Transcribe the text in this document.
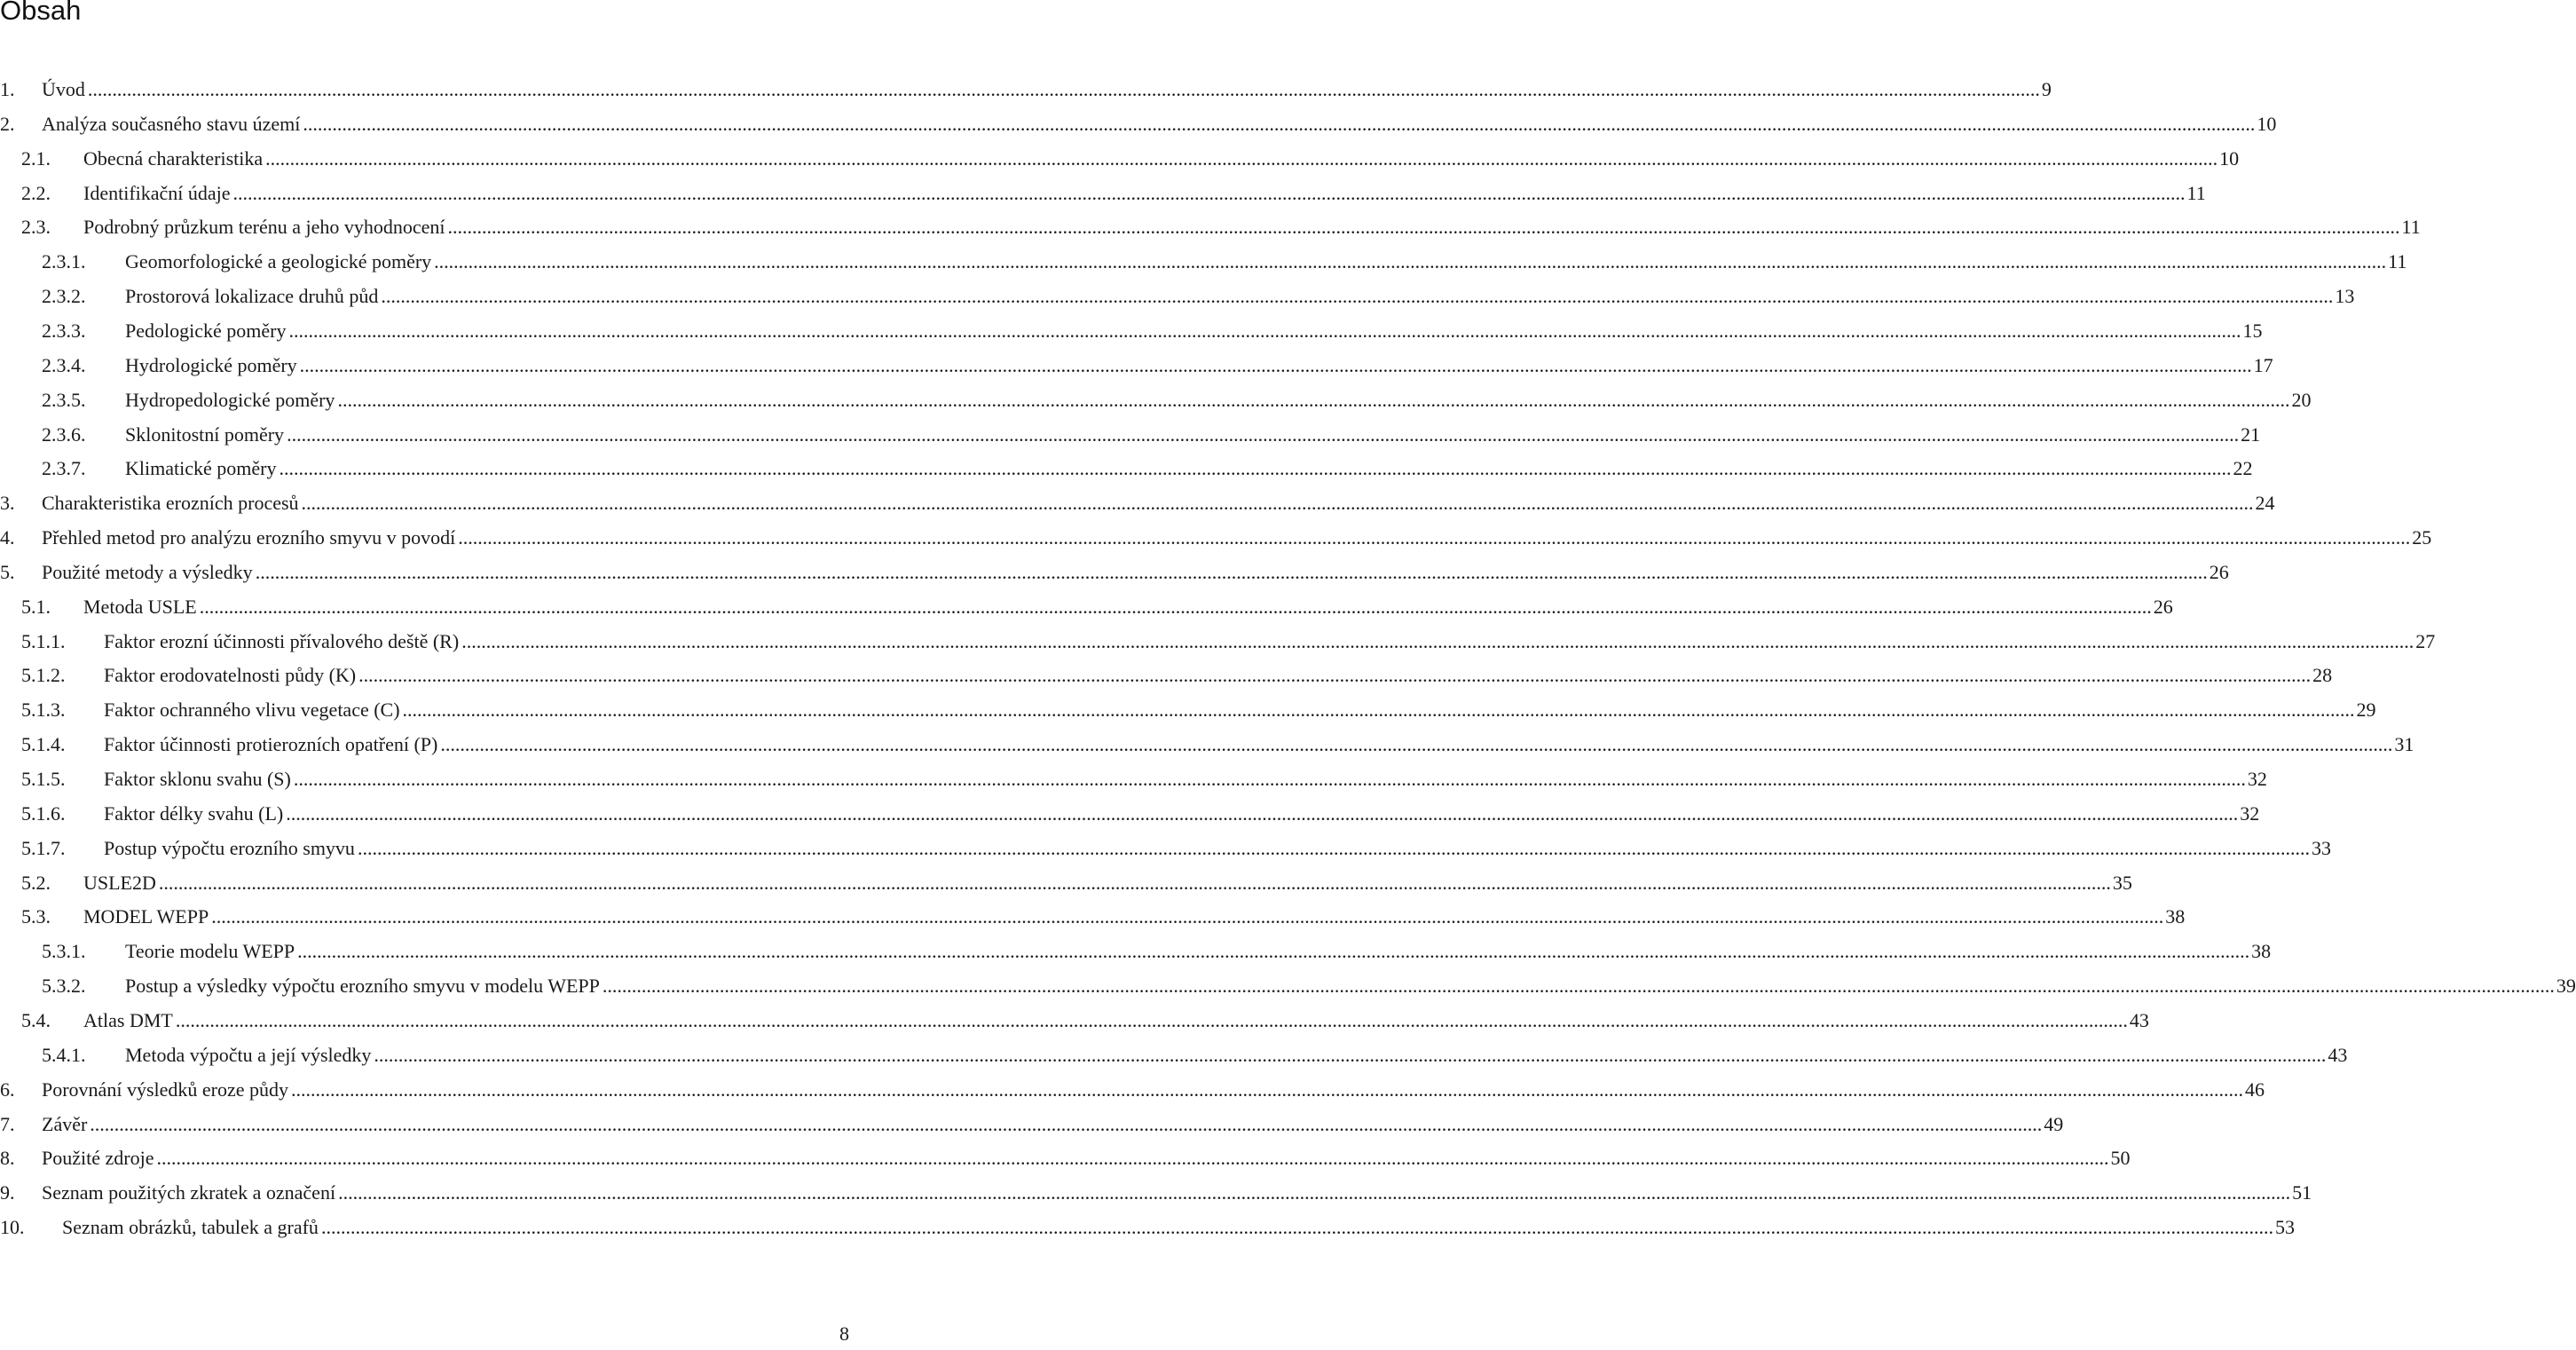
Obsah
1.	Úvod ................................................................................................................................................................................................................................................................................................................................................................................................................ 9
2.	Analýza současného stavu území ................................................................................................................................................................................................................................................................................................................................................................................................................ 10
2.1.	Obecná charakteristika ................................................................................................................................................................................................................................................................................................................................................................................................................ 10
2.2.	Identifikační údaje ................................................................................................................................................................................................................................................................................................................................................................................................................ 11
2.3.	Podrobný průzkum terénu a jeho vyhodnocení ................................................................................................................................................................................................................................................................................................................................................................................................................ 11
2.3.1.	Geomorfologické a geologické poměry ................................................................................................................................................................................................................................................................................................................................................................................................................ 11
2.3.2.	Prostorová lokalizace druhů půd ................................................................................................................................................................................................................................................................................................................................................................................................................ 13
2.3.3.	Pedologické poměry ................................................................................................................................................................................................................................................................................................................................................................................................................ 15
2.3.4.	Hydrologické poměry ................................................................................................................................................................................................................................................................................................................................................................................................................ 17
2.3.5.	Hydropedologické poměry ................................................................................................................................................................................................................................................................................................................................................................................................................ 20
2.3.6.	Sklonitostní poměry ................................................................................................................................................................................................................................................................................................................................................................................................................ 21
2.3.7.	Klimatické poměry ................................................................................................................................................................................................................................................................................................................................................................................................................ 22
3.	Charakteristika erozních procesů ................................................................................................................................................................................................................................................................................................................................................................................................................ 24
4.	Přehled metod pro analýzu erozního smyvu v povodí ................................................................................................................................................................................................................................................................................................................................................................................................................ 25
5.	Použité metody a výsledky ................................................................................................................................................................................................................................................................................................................................................................................................................ 26
5.1.	Metoda USLE ................................................................................................................................................................................................................................................................................................................................................................................................................ 26
5.1.1.	Faktor erozní účinnosti přívalového deště (R) ................................................................................................................................................................................................................................................................................................................................................................................................................ 27
5.1.2.	Faktor erodovatelnosti půdy (K) ................................................................................................................................................................................................................................................................................................................................................................................................................ 28
5.1.3.	Faktor ochranného vlivu vegetace (C) ................................................................................................................................................................................................................................................................................................................................................................................................................ 29
5.1.4.	Faktor účinnosti protierozních opatření (P) ................................................................................................................................................................................................................................................................................................................................................................................................................ 31
5.1.5.	Faktor sklonu svahu (S) ................................................................................................................................................................................................................................................................................................................................................................................................................ 32
5.1.6.	Faktor délky svahu (L) ................................................................................................................................................................................................................................................................................................................................................................................................................ 32
5.1.7.	Postup výpočtu erozního smyvu ................................................................................................................................................................................................................................................................................................................................................................................................................ 33
5.2.	USLE2D ................................................................................................................................................................................................................................................................................................................................................................................................................ 35
5.3.	MODEL WEPP ................................................................................................................................................................................................................................................................................................................................................................................................................ 38
5.3.1.	Teorie modelu WEPP ................................................................................................................................................................................................................................................................................................................................................................................................................ 38
5.3.2.	Postup a výsledky výpočtu erozního smyvu v modelu WEPP ................................................................................................................................................................................................................................................................................................................................................................................................................ 39
5.4.	Atlas DMT ................................................................................................................................................................................................................................................................................................................................................................................................................ 43
5.4.1.	Metoda výpočtu a její výsledky ................................................................................................................................................................................................................................................................................................................................................................................................................ 43
6.	Porovnání výsledků eroze půdy ................................................................................................................................................................................................................................................................................................................................................................................................................ 46
7.	Závěr ................................................................................................................................................................................................................................................................................................................................................................................................................ 49
8.	Použité zdroje ................................................................................................................................................................................................................................................................................................................................................................................................................ 50
9.	Seznam použitých zkratek a označení ................................................................................................................................................................................................................................................................................................................................................................................................................ 51
10.	Seznam obrázků, tabulek a grafů ................................................................................................................................................................................................................................................................................................................................................................................................................ 53
8
